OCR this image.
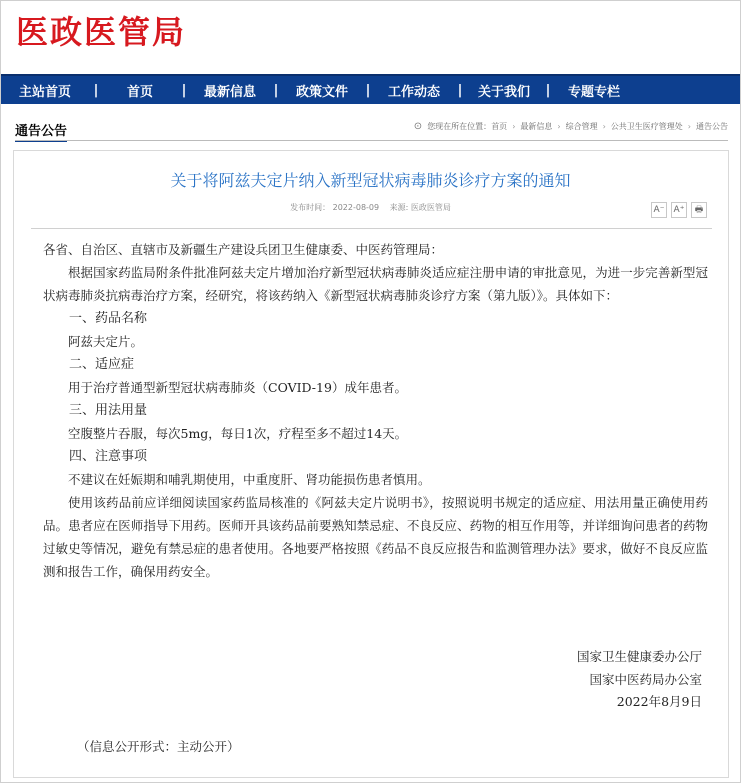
医政医管局
主站首页	|	首页	|	最新信息	|	政策文件	|	工作动态	|	关于我们	|	专题专栏
通告公告	⊙ 您现在所在位置： 首页 › 最新信息 › 综合管理 › 公共卫生医疗管理处 › 通告公告
关于将阿兹夫定片纳入新型冠状病毒肺炎诊疗方案的通知
发布时间： 2022-08-09 来源: 医政医管局	A⁻ A⁺	🖶

各省、自治区、直辖市及新疆生产建设兵团卫生健康委、中医药管理局：

根据国家药监局附条件批准阿兹夫定片增加治疗新型冠状病毒肺炎适应症注册申请的审批意见，为进一步完善新型冠状病毒肺炎抗病毒治疗方案，经研究，将该药纳入《新型冠状病毒肺炎诊疗方案（第九版）》。具体如下：

一、药品名称

阿兹夫定片。

二、适应症

用于治疗普通型新型冠状病毒肺炎（COVID-19）成年患者。

三、用法用量

空腹整片吞服，每次5mg，每日1次，疗程至多不超过14天。

四、注意事项

不建议在妊娠期和哺乳期使用，中重度肝、肾功能损伤患者慎用。

使用该药品前应详细阅读国家药监局核准的《阿兹夫定片说明书》，按照说明书规定的适应症、用法用量正确使用药品。患者应在医师指导下用药。医师开具该药品前要熟知禁忌症、不良反应、药物的相互作用等，并详细询问患者的药物过敏史等情况，避免有禁忌症的患者使用。各地要严格按照《药品不良反应报告和监测管理办法》要求，做好不良反应监测和报告工作，确保用药安全。

国家卫生健康委办公厅
国家中医药局办公室
2022年8月9日
（信息公开形式：主动公开）
